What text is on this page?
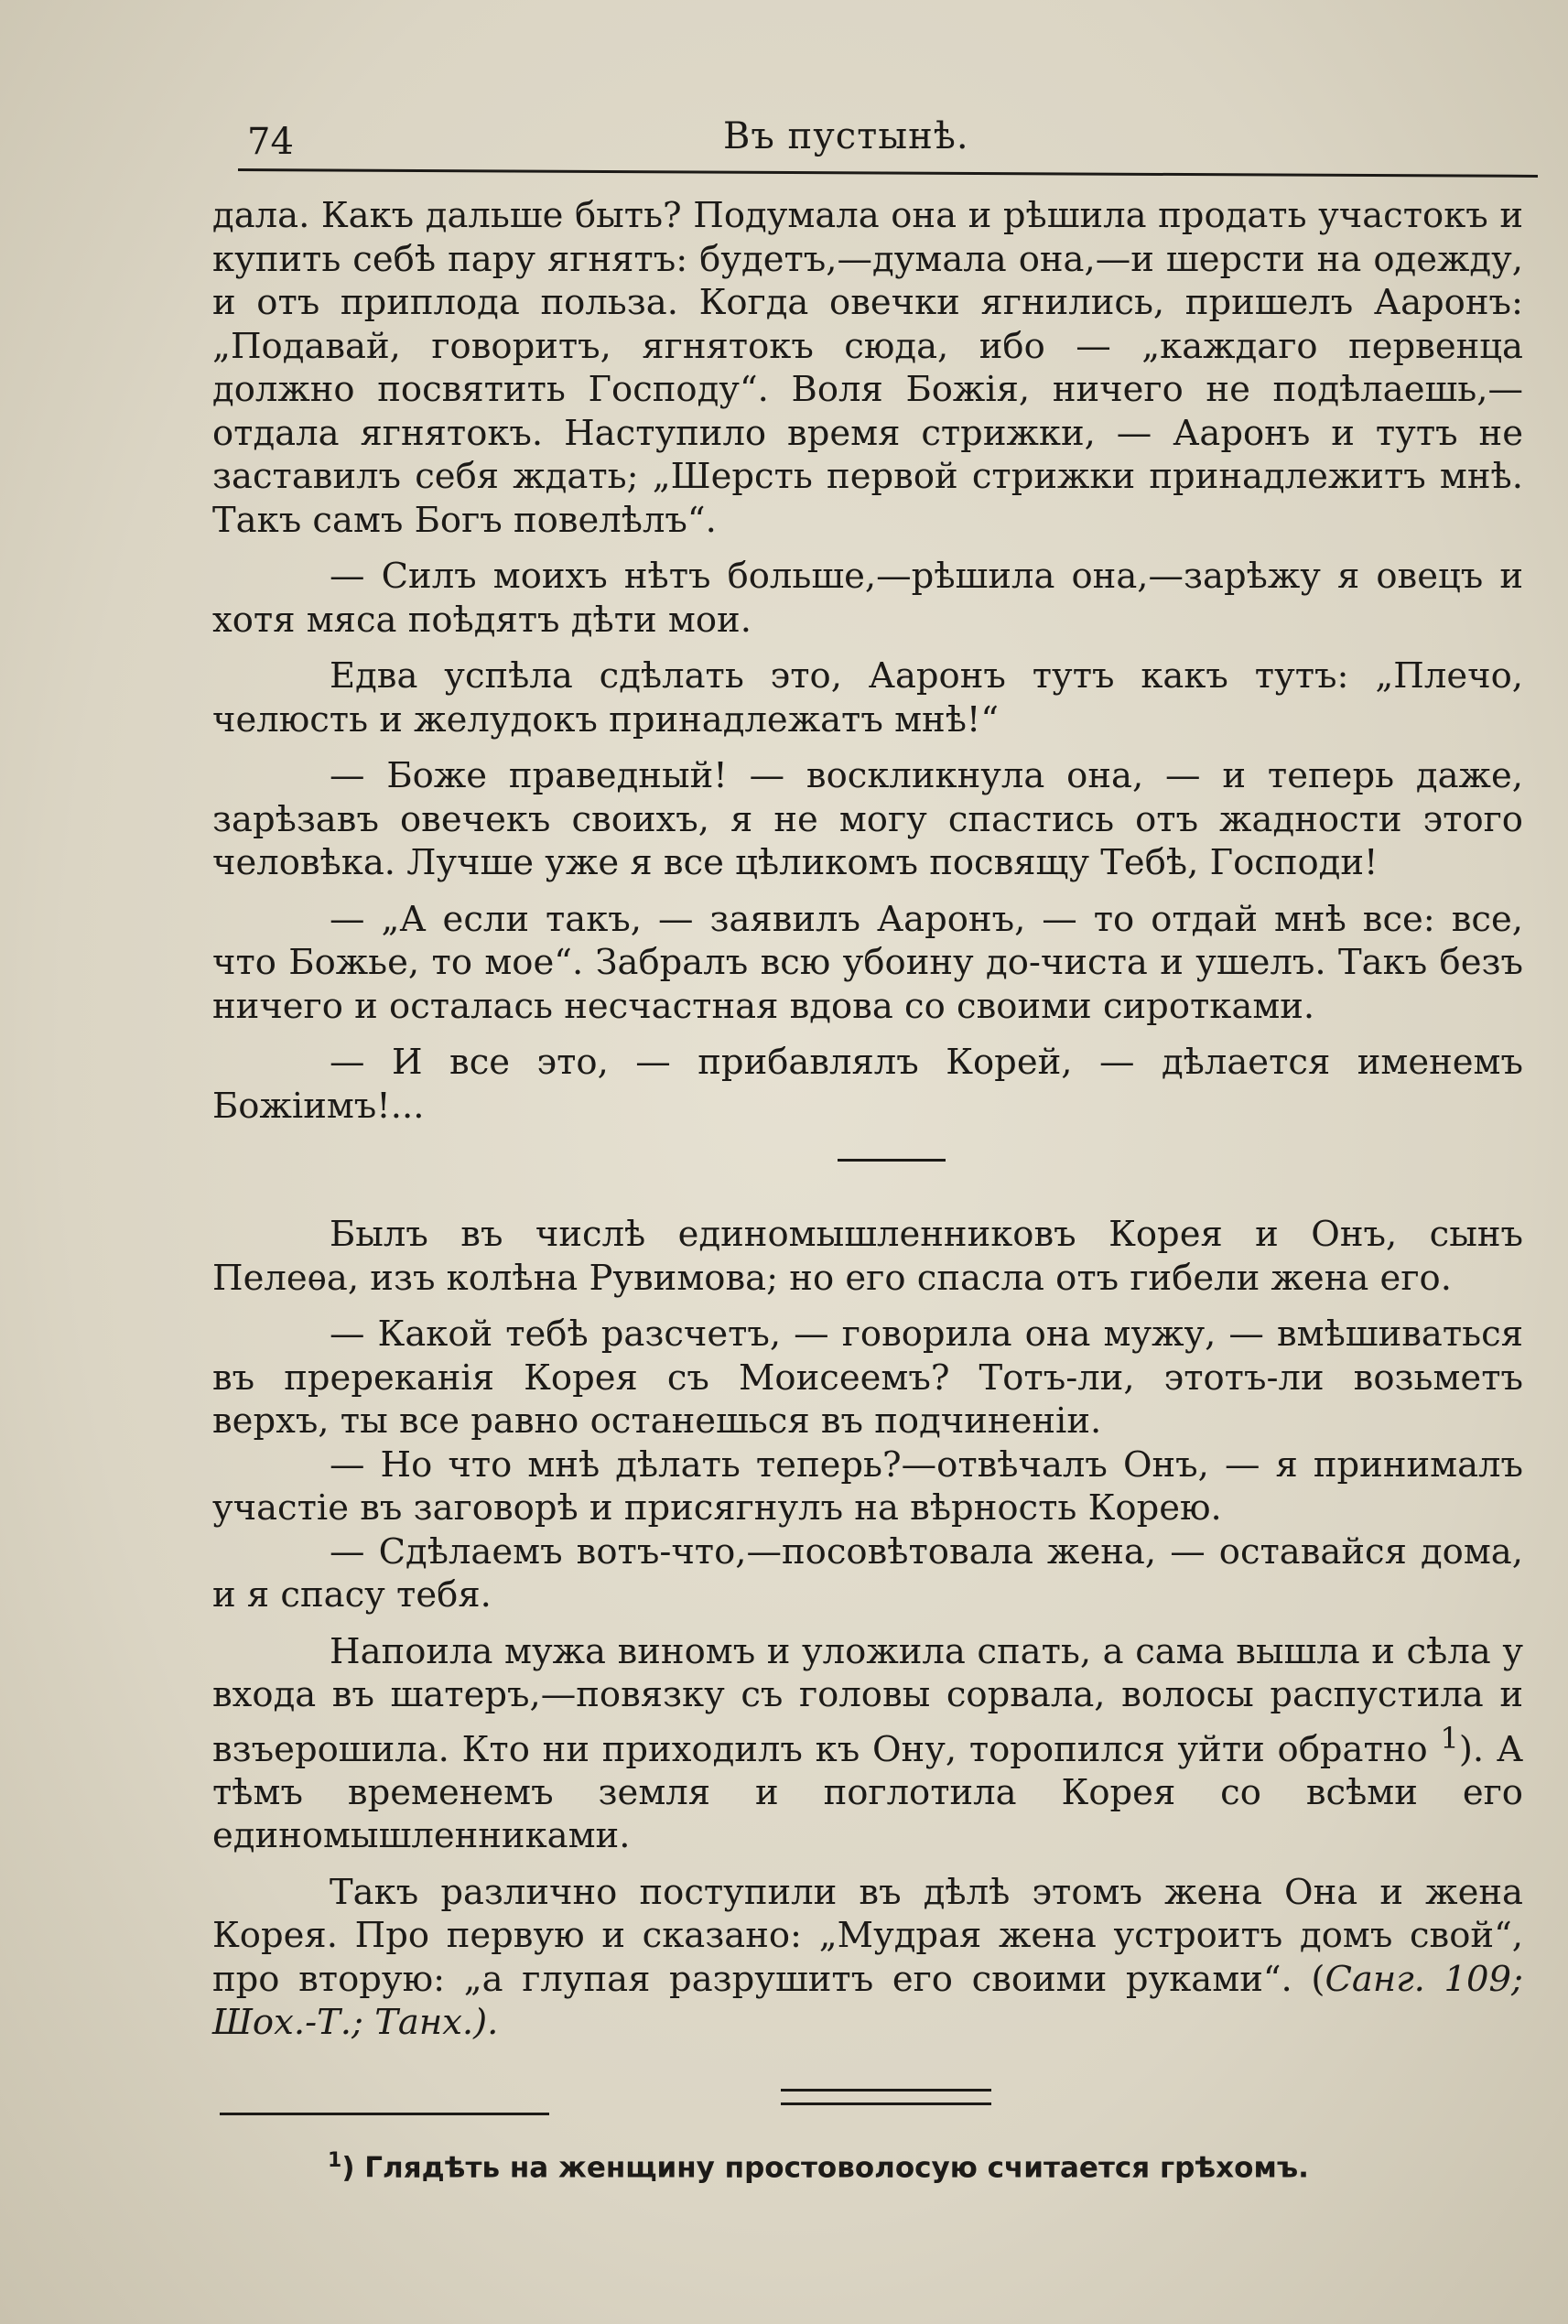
74	Въ пустынѣ.

дала. Какъ дальше быть? Подумала она и рѣшила продать участокъ и купить себѣ пару ягнятъ: будетъ,—думала она,—и шерсти на одежду, и отъ приплода польза. Когда овечки ягнились, пришелъ Ааронъ: „Подавай, говоритъ, ягнятокъ сюда, ибо — „каждаго первенца должно посвятить Господу“. Воля Божія, ничего не подѣлаешь,—отдала ягнятокъ. Наступило время стрижки, — Ааронъ и тутъ не заставилъ себя ждать; „Шерсть первой стрижки принадлежитъ мнѣ. Такъ самъ Богъ повелѣлъ“.

— Силъ моихъ нѣтъ больше,—рѣшила она,—зарѣжу я овецъ и хотя мяса поѣдятъ дѣти мои.

Едва успѣла сдѣлать это, Ааронъ тутъ какъ тутъ: „Плечо, челюсть и желудокъ принадлежатъ мнѣ!“

— Боже праведный! — воскликнула она, — и теперь даже, зарѣзавъ овечекъ своихъ, я не могу спастись отъ жадности этого человѣка. Лучше уже я все цѣликомъ посвящу Тебѣ, Господи!

— „А если такъ, — заявилъ Ааронъ, — то отдай мнѣ все: все, что Божье, то мое“. Забралъ всю убоину до-чиста и ушелъ. Такъ безъ ничего и осталась несчастная вдова со своими сиротками.

— И все это, — прибавлялъ Корей, — дѣлается именемъ Божіимъ!...

Былъ въ числѣ единомышленниковъ Корея и Онъ, сынъ Пелеѳа, изъ колѣна Рувимова; но его спасла отъ гибели жена его.

— Какой тебѣ разсчетъ, — говорила она мужу, — вмѣшиваться въ пререканія Корея съ Моисеемъ? Тотъ-ли, этотъ-ли возьметъ верхъ, ты все равно останешься въ подчиненіи.

— Но что мнѣ дѣлать теперь?—отвѣчалъ Онъ, — я принималъ участіе въ заговорѣ и присягнулъ на вѣрность Корею.

— Сдѣлаемъ вотъ-что,—посовѣтовала жена, — оставайся дома, и я спасу тебя.

Напоила мужа виномъ и уложила спать, а сама вышла и сѣла у входа въ шатеръ,—повязку съ головы сорвала, волосы распустила и взъерошила. Кто ни приходилъ къ Ону, торопился уйти обратно $^1$). А тѣмъ временемъ земля и поглотила Корея со всѣми его единомышленниками.

Такъ различно поступили въ дѣлѣ этомъ жена Она и жена Корея. Про первую и сказано: „Мудрая жена устроитъ домъ свой“, про вторую: „а глупая разрушитъ его своими руками“. (Санг. 109; Шох.-Т.; Танх.).

$^1$) Глядѣть на женщину простоволосую считается грѣхомъ.
